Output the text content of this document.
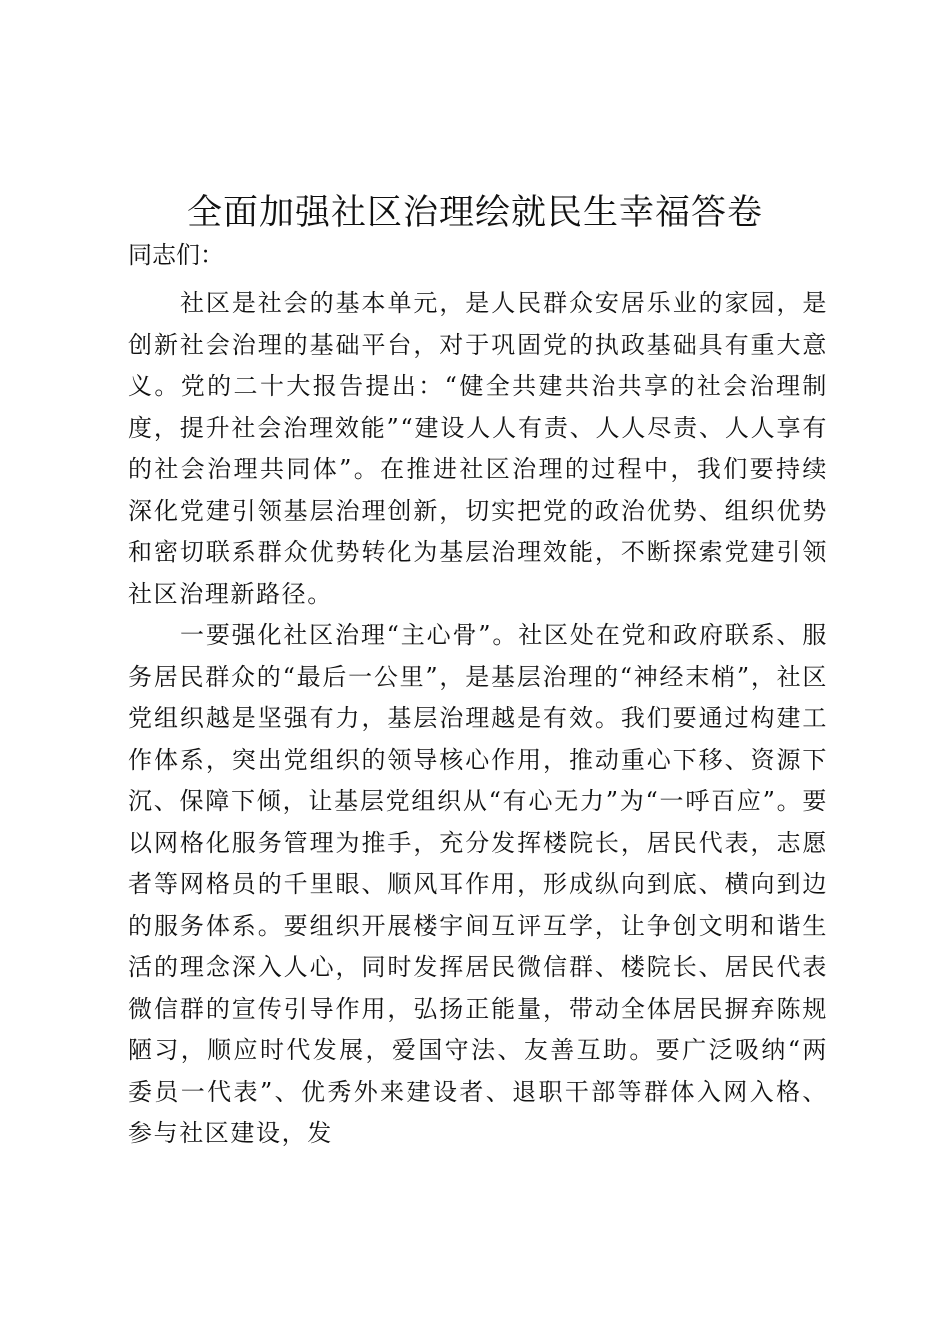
全面加强社区治理绘就民生幸福答卷
同志们：
社区是社会的基本单元，是人民群众安居乐业的家园，是创新社会治理的基础平台，对于巩固党的执政基础具有重大意义。党的二十大报告提出：“健全共建共治共享的社会治理制度，提升社会治理效能”“建设人人有责、人人尽责、人人享有的社会治理共同体”。在推进社区治理的过程中，我们要持续深化党建引领基层治理创新，切实把党的政治优势、组织优势和密切联系群众优势转化为基层治理效能，不断探索党建引领社区治理新路径。
一要强化社区治理“主心骨”。社区处在党和政府联系、服务居民群众的“最后一公里”，是基层治理的“神经末梢”，社区党组织越是坚强有力，基层治理越是有效。我们要通过构建工作体系，突出党组织的领导核心作用，推动重心下移、资源下沉、保障下倾，让基层党组织从“有心无力”为“一呼百应”。要以网格化服务管理为推手，充分发挥楼院长，居民代表，志愿者等网格员的千里眼、顺风耳作用，形成纵向到底、横向到边的服务体系。要组织开展楼宇间互评互学，让争创文明和谐生活的理念深入人心，同时发挥居民微信群、楼院长、居民代表微信群的宣传引导作用，弘扬正能量，带动全体居民摒弃陈规陋习，顺应时代发展，爱国守法、友善互助。要广泛吸纳“两委员一代表”、优秀外来建设者、退职干部等群体入网入格、参与社区建设，发
